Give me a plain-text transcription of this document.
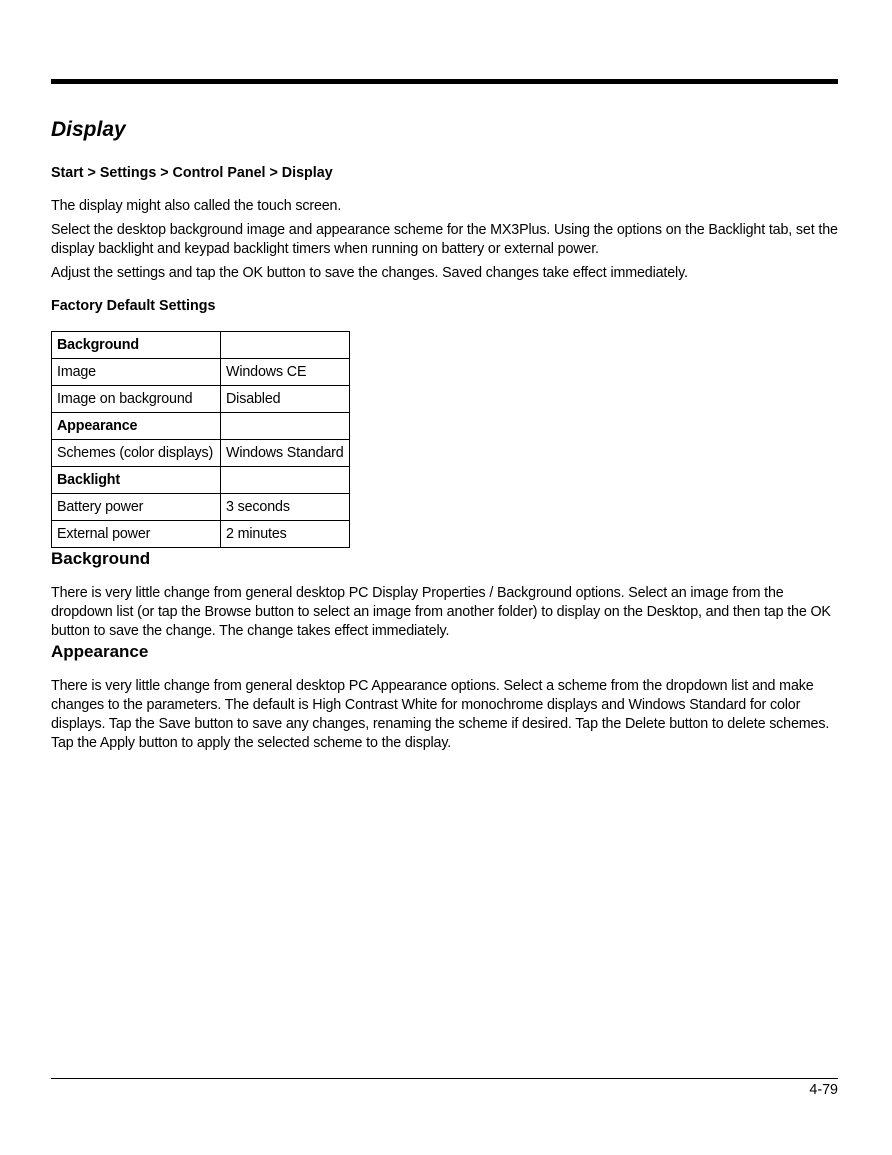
Display
Start > Settings > Control Panel > Display

The display might also called the touch screen.

Select the desktop background image and appearance scheme for the MX3Plus. Using the options on the Backlight tab, set the display backlight and keypad backlight timers when running on battery or external power.

Adjust the settings and tap the OK button to save the changes. Saved changes take effect immediately.

Factory Default Settings
Background	
Image	Windows CE
Image on background	Disabled
Appearance	
Schemes (color displays)	Windows Standard
Backlight	
Battery power	3 seconds
External power	2 minutes
Background

There is very little change from general desktop PC Display Properties / Background options. Select an image from the dropdown list (or tap the Browse button to select an image from another folder) to display on the Desktop, and then tap the OK button to save the change. The change takes effect immediately.

Appearance

There is very little change from general desktop PC Appearance options. Select a scheme from the dropdown list and make changes to the parameters. The default is High Contrast White for monochrome displays and Windows Standard for color displays. Tap the Save button to save any changes, renaming the scheme if desired. Tap the Delete button to delete schemes. Tap the Apply button to apply the selected scheme to the display.

4-79
